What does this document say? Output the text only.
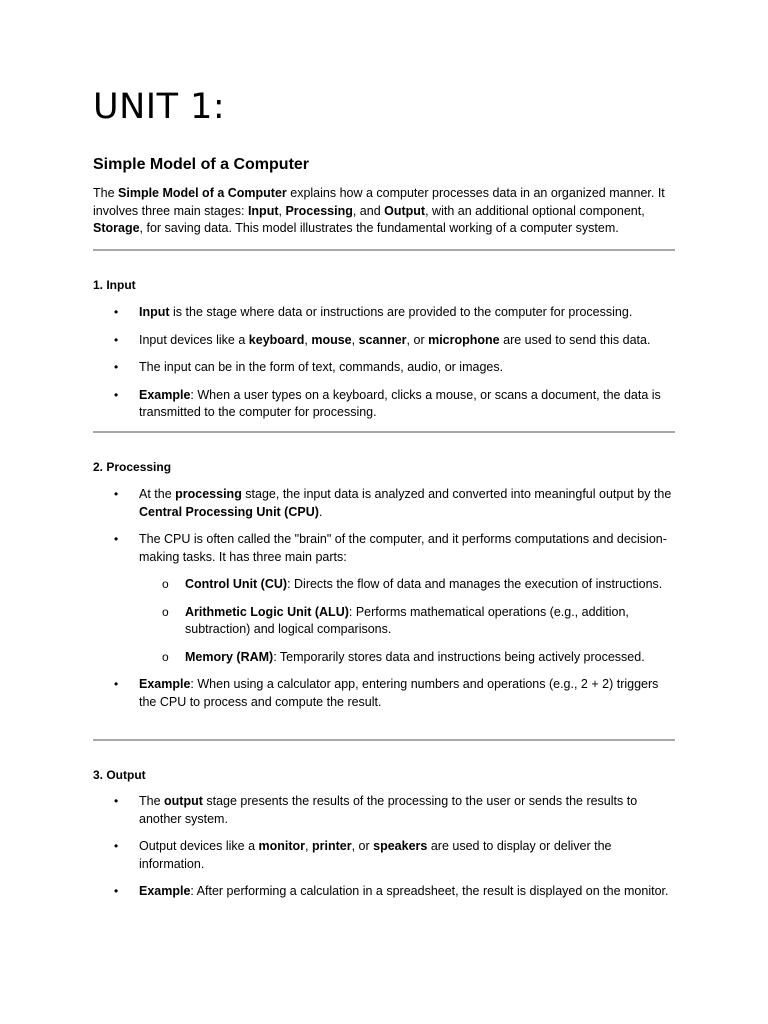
UNIT 1:
Simple Model of a Computer

The Simple Model of a Computer explains how a computer processes data in an organized manner. It involves three main stages: Input, Processing, and Output, with an additional optional component, Storage, for saving data. This model illustrates the fundamental working of a computer system.

1. Input

• Input is the stage where data or instructions are provided to the computer for processing.
• Input devices like a keyboard, mouse, scanner, or microphone are used to send this data.
• The input can be in the form of text, commands, audio, or images.
• Example: When a user types on a keyboard, clicks a mouse, or scans a document, the data is transmitted to the computer for processing.

2. Processing

• At the processing stage, the input data is analyzed and converted into meaningful output by the Central Processing Unit (CPU).
• The CPU is often called the "brain" of the computer, and it performs computations and decision-making tasks. It has three main parts:
o Control Unit (CU): Directs the flow of data and manages the execution of instructions.
o Arithmetic Logic Unit (ALU): Performs mathematical operations (e.g., addition, subtraction) and logical comparisons.
o Memory (RAM): Temporarily stores data and instructions being actively processed.
• Example: When using a calculator app, entering numbers and operations (e.g., 2 + 2) triggers the CPU to process and compute the result.

3. Output

• The output stage presents the results of the processing to the user or sends the results to another system.
• Output devices like a monitor, printer, or speakers are used to display or deliver the information.
• Example: After performing a calculation in a spreadsheet, the result is displayed on the monitor.
